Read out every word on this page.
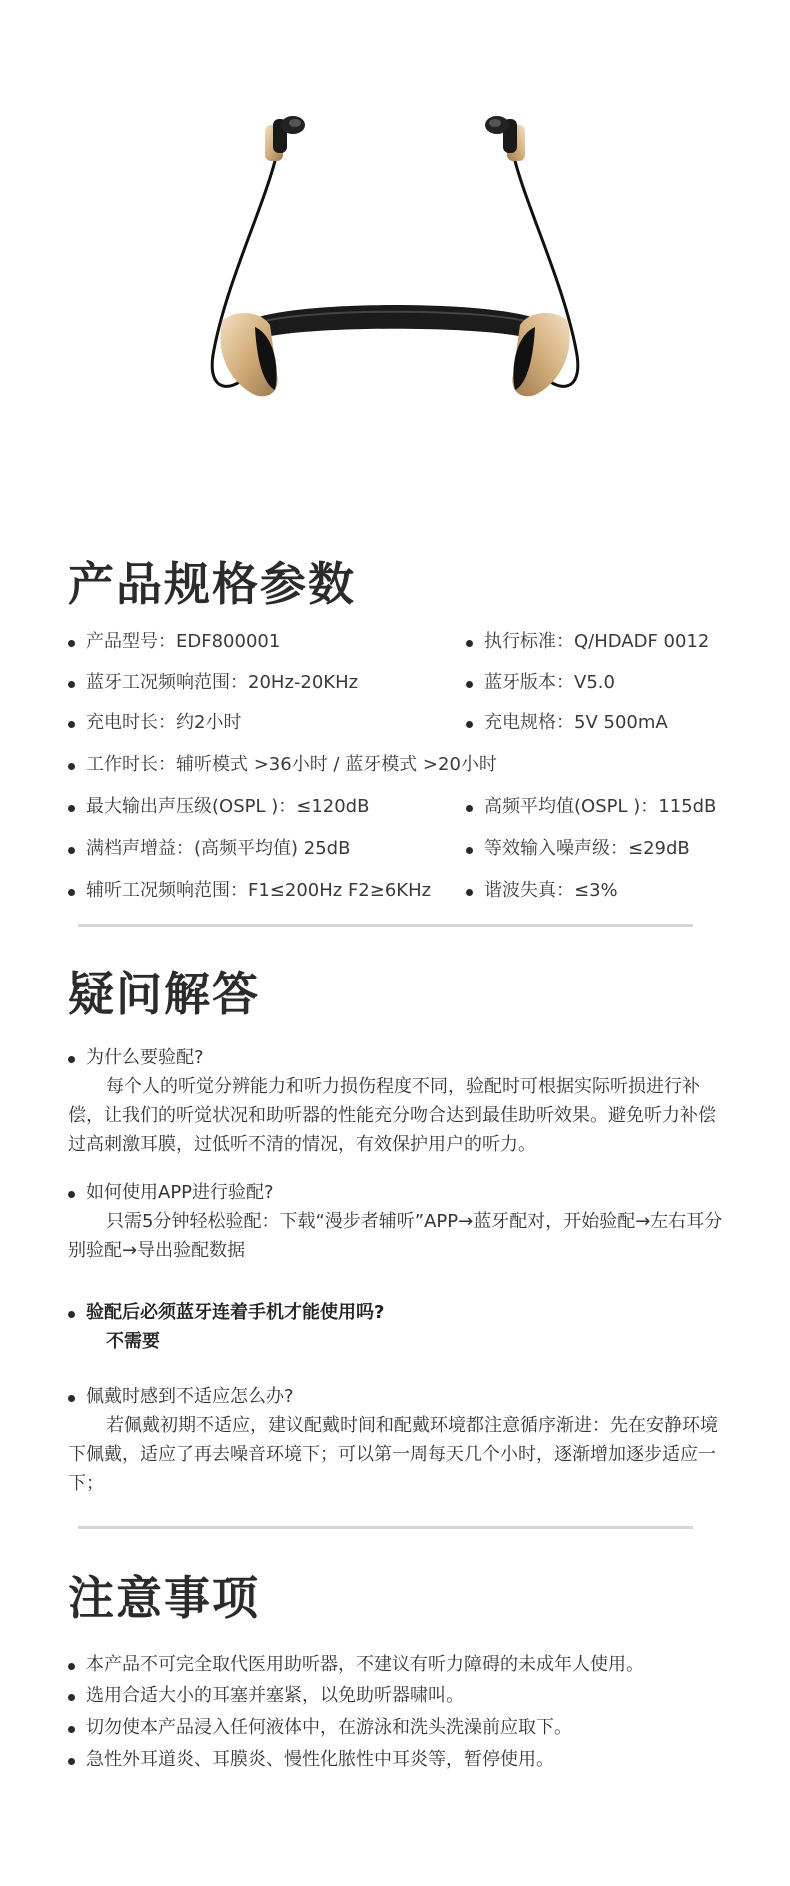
产品规格参数
产品型号：EDF800001	执行标准：Q/HDADF 0012
蓝牙工况频响范围：20Hz-20KHz	蓝牙版本：V5.0
充电时长：约2小时	充电规格：5V 500mA
工作时长：辅听模式 >36小时 / 蓝牙模式 >20小时
最大输出声压级(OSPL )：≤120dB	高频平均值(OSPL )：115dB
满档声增益：(高频平均值) 25dB	等效输入噪声级：≤29dB
辅听工况频响范围：F1≤200Hz F2≥6KHz	谐波失真：≤3%
疑问解答
为什么要验配?
每个人的听觉分辨能力和听力损伤程度不同，验配时可根据实际听损进行补偿，让我们的听觉状况和助听器的性能充分吻合达到最佳助听效果。避免听力补偿过高刺激耳膜，过低听不清的情况，有效保护用户的听力。
如何使用APP进行验配?
只需5分钟轻松验配：下载“漫步者辅听”APP→蓝牙配对，开始验配→左右耳分别验配→导出验配数据
验配后必须蓝牙连着手机才能使用吗?
不需要
佩戴时感到不适应怎么办?
若佩戴初期不适应，建议配戴时间和配戴环境都注意循序渐进：先在安静环境下佩戴，适应了再去噪音环境下；可以第一周每天几个小时，逐渐增加逐步适应一下；
注意事项
本产品不可完全取代医用助听器，不建议有听力障碍的未成年人使用。
选用合适大小的耳塞并塞紧，以免助听器啸叫。
切勿使本产品浸入任何液体中，在游泳和洗头洗澡前应取下。
急性外耳道炎、耳膜炎、慢性化脓性中耳炎等，暂停使用。
